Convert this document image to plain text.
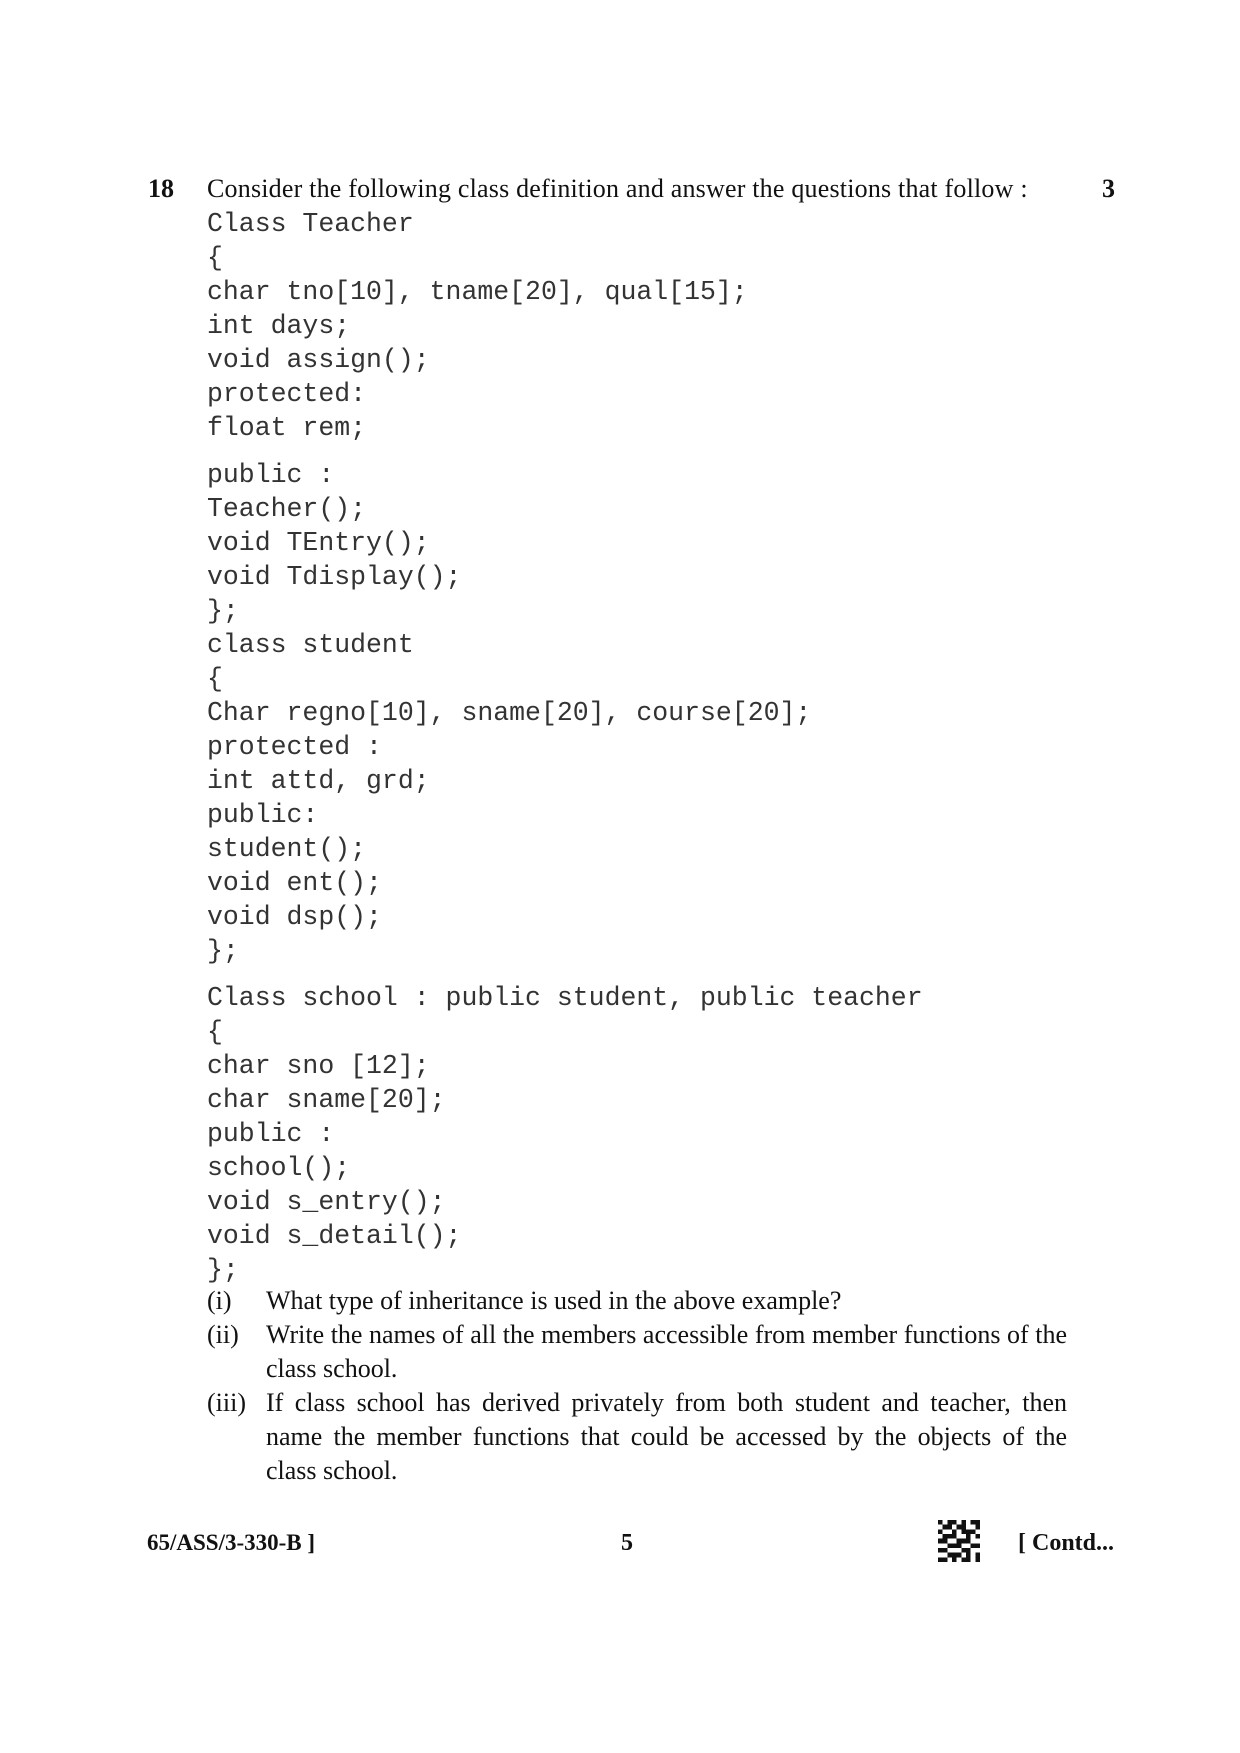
18 Consider the following class definition and answer the questions that follow :	3
Class Teacher
{
char tno[10], tname[20], qual[15];
int days;
void assign();
protected:
float rem;
public :
Teacher();
void TEntry();
void Tdisplay();
};
class student
{
Char regno[10], sname[20], course[20];
protected :
int attd, grd;
public:
student();
void ent();
void dsp();
};
Class school : public student, public teacher
{
char sno [12];
char sname[20];
public :
school();
void s_entry();
void s_detail();
};
(i)	What type of inheritance is used in the above example?
(ii)	Write the names of all the members accessible from member functions of the class school.
(iii) If class school has derived privately from both student and teacher, then name the member functions that could be accessed by the objects of the class school.
65/ASS/3-330-B ]	5	[ Contd...
